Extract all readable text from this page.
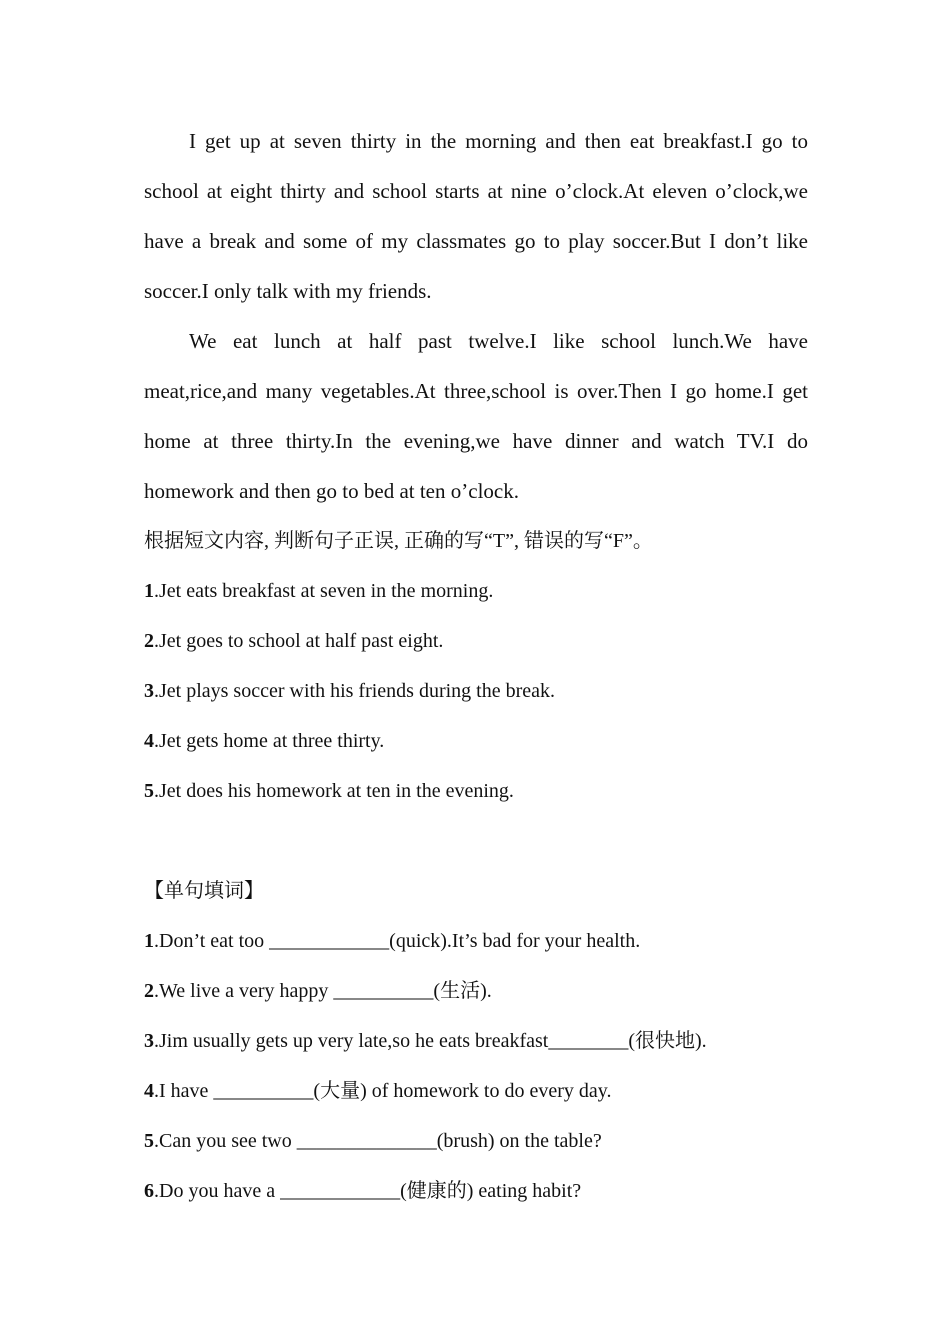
I get up at seven thirty in the morning and then eat breakfast.I go to school at eight thirty and school starts at nine o’clock.At eleven o’clock,we have a break and some of my classmates go to play soccer.But I don’t like soccer.I only talk with my friends.

We eat lunch at half past twelve.I like school lunch.We have meat,rice,and many vegetables.At three,school is over.Then I go home.I get home at three thirty.In the evening,we have dinner and watch TV.I do homework and then go to bed at ten o’clock.

根据短文内容, 判断句子正误, 正确的写“T”, 错误的写“F”。

1.Jet eats breakfast at seven in the morning.

2.Jet goes to school at half past eight.

3.Jet plays soccer with his friends during the break.

4.Jet gets home at three thirty.

5.Jet does his homework at ten in the evening.

【单句填词】

1.Don’t eat too ____________(quick).It’s bad for your health.

2.We live a very happy __________(生活).

3.Jim usually gets up very late,so he eats breakfast________(很快地).

4.I have __________(大量) of homework to do every day.

5.Can you see two ______________(brush) on the table?

6.Do you have a ____________(健康的) eating habit?
